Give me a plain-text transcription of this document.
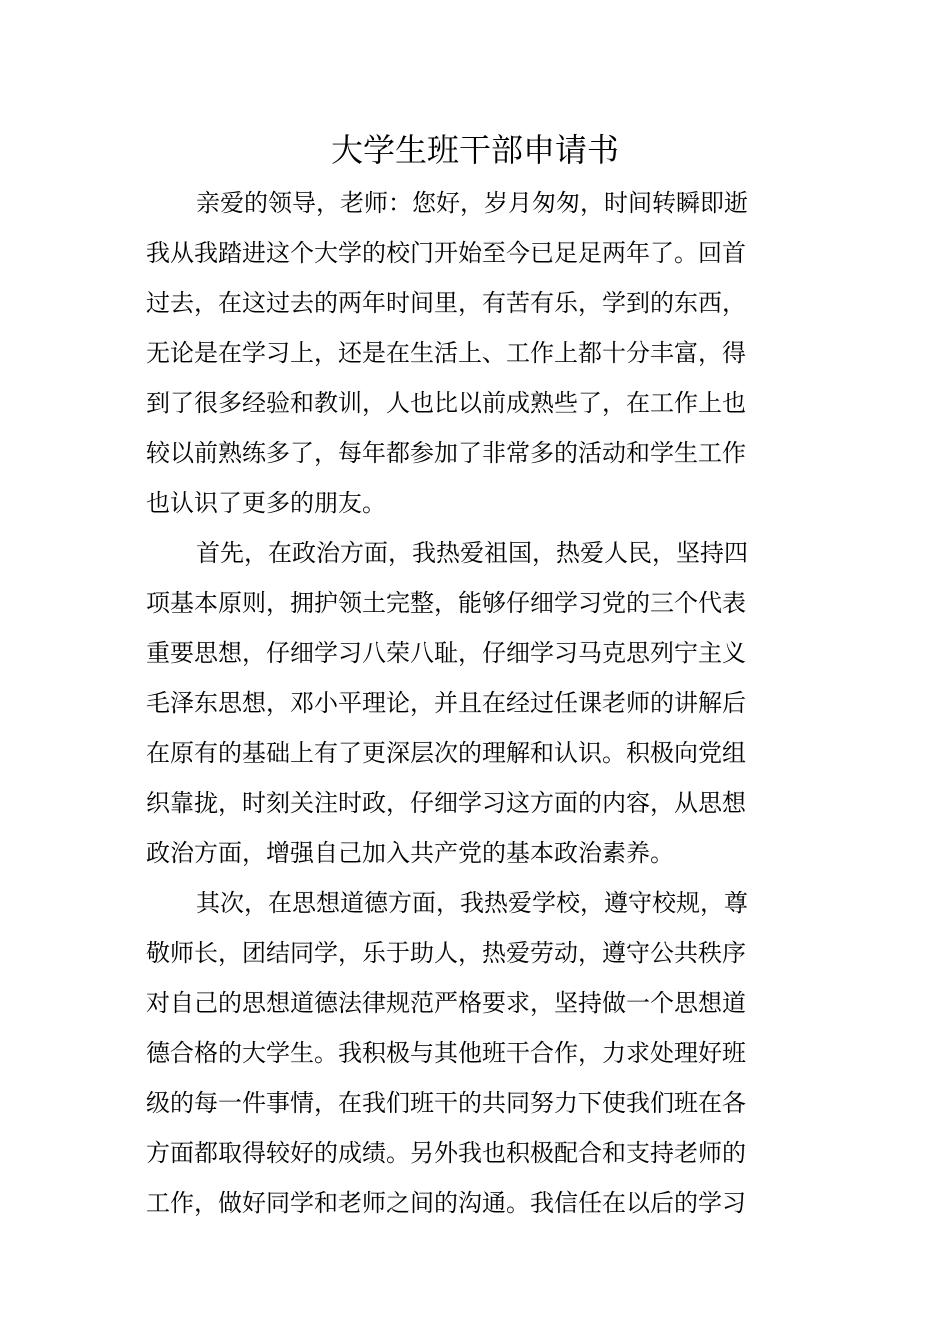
大学生班干部申请书
亲爱的领导，老师：您好，岁月匆匆，时间转瞬即逝
我从我踏进这个大学的校门开始至今已足足两年了。回首
过去，在这过去的两年时间里，有苦有乐，学到的东西，
无论是在学习上，还是在生活上、工作上都十分丰富，得
到了很多经验和教训，人也比以前成熟些了，在工作上也
较以前熟练多了，每年都参加了非常多的活动和学生工作
也认识了更多的朋友。
首先，在政治方面，我热爱祖国，热爱人民，坚持四
项基本原则，拥护领土完整，能够仔细学习党的三个代表
重要思想，仔细学习八荣八耻，仔细学习马克思列宁主义
毛泽东思想，邓小平理论，并且在经过任课老师的讲解后
在原有的基础上有了更深层次的理解和认识。积极向党组
织靠拢，时刻关注时政，仔细学习这方面的内容，从思想
政治方面，增强自己加入共产党的基本政治素养。
其次，在思想道德方面，我热爱学校，遵守校规，尊
敬师长，团结同学，乐于助人，热爱劳动，遵守公共秩序
对自己的思想道德法律规范严格要求，坚持做一个思想道
德合格的大学生。我积极与其他班干合作，力求处理好班
级的每一件事情，在我们班干的共同努力下使我们班在各
方面都取得较好的成绩。另外我也积极配合和支持老师的
工作，做好同学和老师之间的沟通。我信任在以后的学习
